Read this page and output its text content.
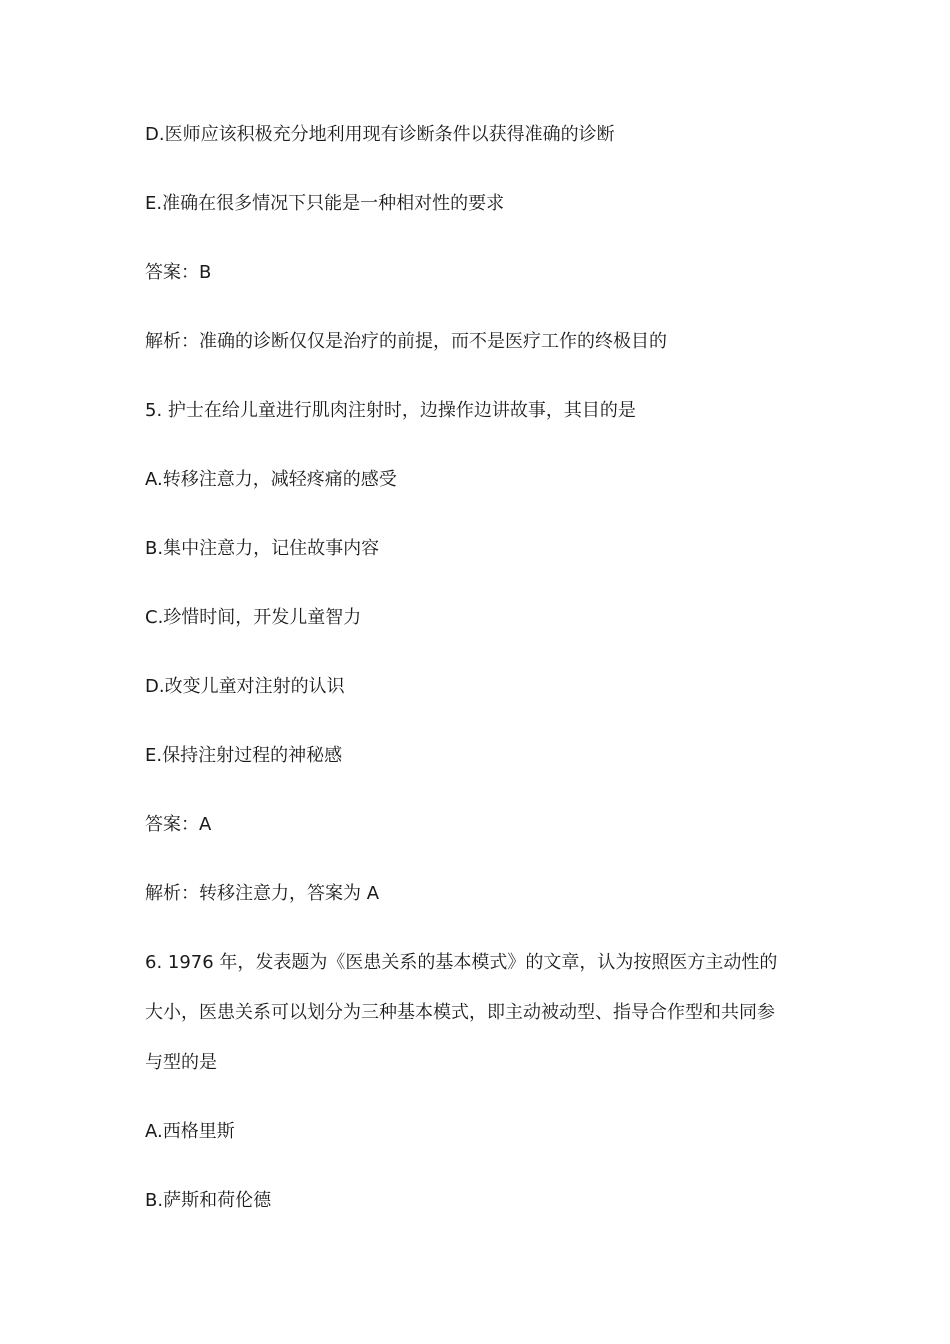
D.医师应该积极充分地利用现有诊断条件以获得准确的诊断
E.准确在很多情况下只能是一种相对性的要求
答案：B
解析：准确的诊断仅仅是治疗的前提，而不是医疗工作的终极目的
5. 护士在给儿童进行肌肉注射时，边操作边讲故事，其目的是
A.转移注意力，减轻疼痛的感受
B.集中注意力，记住故事内容
C.珍惜时间，开发儿童智力
D.改变儿童对注射的认识
E.保持注射过程的神秘感
答案：A
解析：转移注意力，答案为 A
6. 1976 年，发表题为《医患关系的基本模式》的文章，认为按照医方主动性的
大小，医患关系可以划分为三种基本模式，即主动被动型、指导合作型和共同参
与型的是
A.西格里斯
B.萨斯和荷伦德
